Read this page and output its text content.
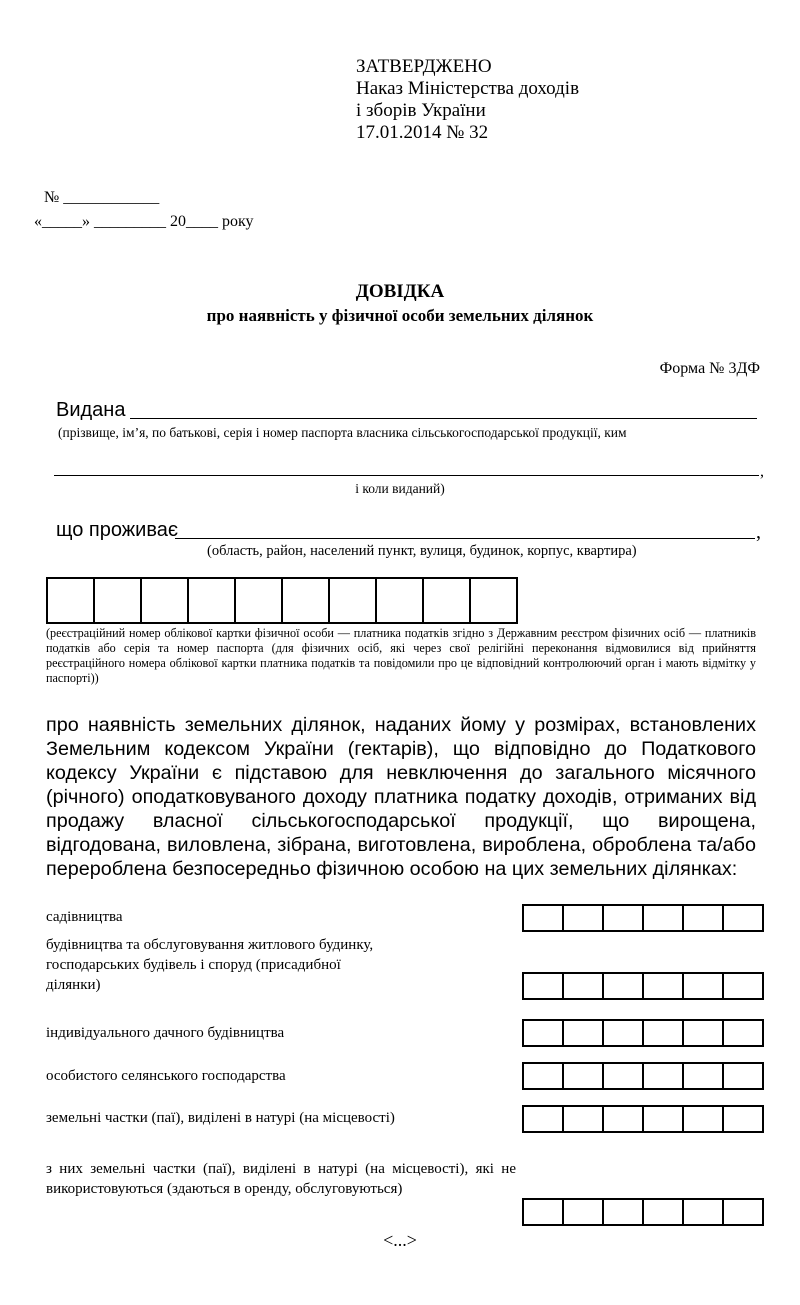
ЗАТВЕРДЖЕНО
Наказ Міністерства доходів
і зборів України
17.01.2014 № 32
№ ____________
«_____» _________ 20____ року
ДОВІДКА
про наявність у фізичної особи земельних ділянок
Форма № 3ДФ
Видана
(прізвище, ім’я, по батькові, серія і номер паспорта власника сільськогосподарської продукції, ким
,
і коли виданий)
що проживає	,
(область, район, населений пункт, вулиця, будинок, корпус, квартира)
(реєстраційний номер облікової картки фізичної особи — платника податків згідно з Державним реєстром фізичних осіб — платників податків або серія та номер паспорта (для фізичних осіб, які через свої релігійні переконання відмовилися від прийняття реєстраційного номера облікової картки платника податків та повідомили про це відповідний контролюючий орган і мають відмітку у паспорті))
про наявність земельних ділянок, наданих йому у розмірах, встановлених Земельним кодексом України (гектарів), що відповідно до Податкового кодексу України є підставою для невключення до загального місячного (річного) оподатковуваного доходу платника податку доходів, отриманих від продажу власної сільськогосподарської продукції, що вирощена, відгодована, виловлена, зібрана, виготовлена, вироблена, оброблена та/або перероблена безпосередньо фізичною особою на цих земельних ділянках:
садівництва
будівництва та обслуговування житлового будинку, господарських будівель і споруд (присадибної ділянки)
індивідуального дачного будівництва
особистого селянського господарства
земельні частки (паї), виділені в натурі (на місцевості)
з них земельні частки (паї), виділені в натурі (на місцевості), які не використовуються (здаються в оренду, обслуговуються)
<...>
